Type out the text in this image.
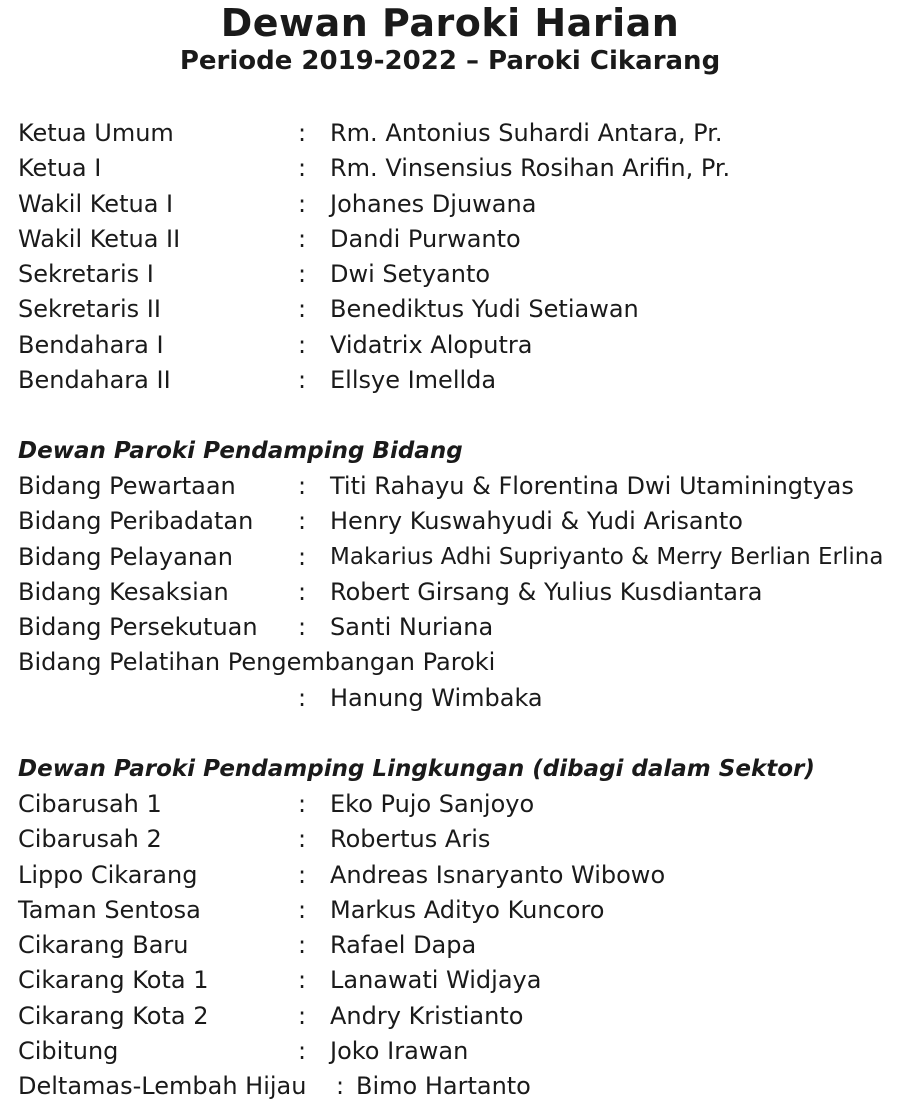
Dewan Paroki Harian
Periode 2019-2022 – Paroki Cikarang
Ketua Umum	: Rm. Antonius Suhardi Antara, Pr.
Ketua I	: Rm. Vinsensius Rosihan Arifin, Pr.
Wakil Ketua I	: Johanes Djuwana
Wakil Ketua II	: Dandi Purwanto
Sekretaris I	: Dwi Setyanto
Sekretaris II	: Benediktus Yudi Setiawan
Bendahara I	: Vidatrix Aloputra
Bendahara II	: Ellsye Imellda
Dewan Paroki Pendamping Bidang
Bidang Pewartaan	: Titi Rahayu & Florentina Dwi Utaminingtyas
Bidang Peribadatan : Henry Kuswahyudi & Yudi Arisanto
Bidang Pelayanan	: Makarius Adhi Supriyanto & Merry Berlian Erlina
Bidang Kesaksian	: Robert Girsang & Yulius Kusdiantara
Bidang Persekutuan : Santi Nuriana
Bidang Pelatihan Pengembangan Paroki
: Hanung Wimbaka
Dewan Paroki Pendamping Lingkungan (dibagi dalam Sektor)
Cibarusah 1	: Eko Pujo Sanjoyo
Cibarusah 2	: Robertus Aris
Lippo Cikarang	: Andreas Isnaryanto Wibowo
Taman Sentosa	: Markus Adityo Kuncoro
Cikarang Baru	: Rafael Dapa
Cikarang Kota 1	: Lanawati Widjaya
Cikarang Kota 2	: Andry Kristianto
Cibitung	: Joko Irawan
Deltamas-Lembah Hijau : Bimo Hartanto
